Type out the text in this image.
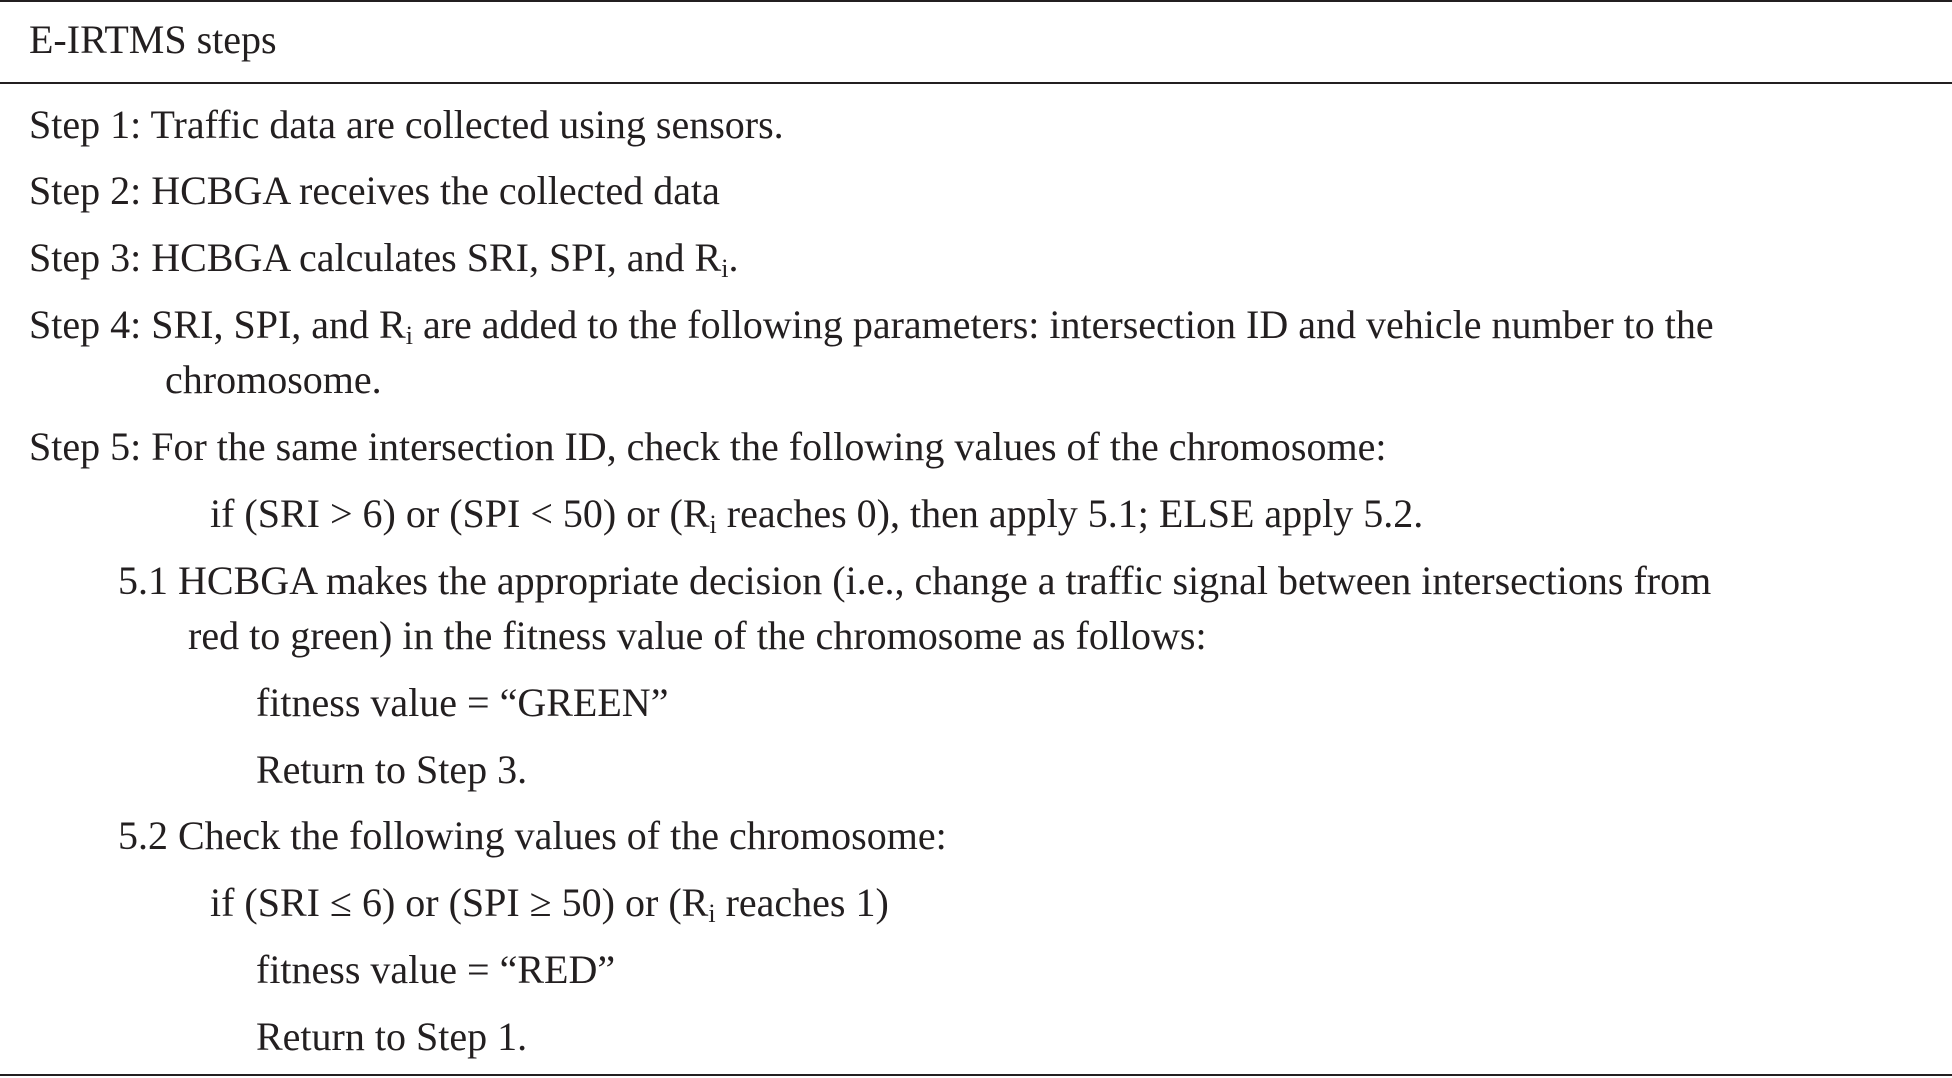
E-IRTMS steps
Step 1: Traffic data are collected using sensors.
Step 2: HCBGA receives the collected data
Step 3: HCBGA calculates SRI, SPI, and $R_i$.
Step 4: SRI, SPI, and $R_i$ are added to the following parameters: intersection ID and vehicle number to the
chromosome.
Step 5: For the same intersection ID, check the following values of the chromosome:
if (SRI > 6) or (SPI < 50) or ($R_i$ reaches 0), then apply 5.1; ELSE apply 5.2.
5.1 HCBGA makes the appropriate decision (i.e., change a traffic signal between intersections from
red to green) in the fitness value of the chromosome as follows:
fitness value = “GREEN”
Return to Step 3.
5.2 Check the following values of the chromosome:
if (SRI ≤ 6) or (SPI ≥ 50) or ($R_i$ reaches 1)
fitness value = “RED”
Return to Step 1.
